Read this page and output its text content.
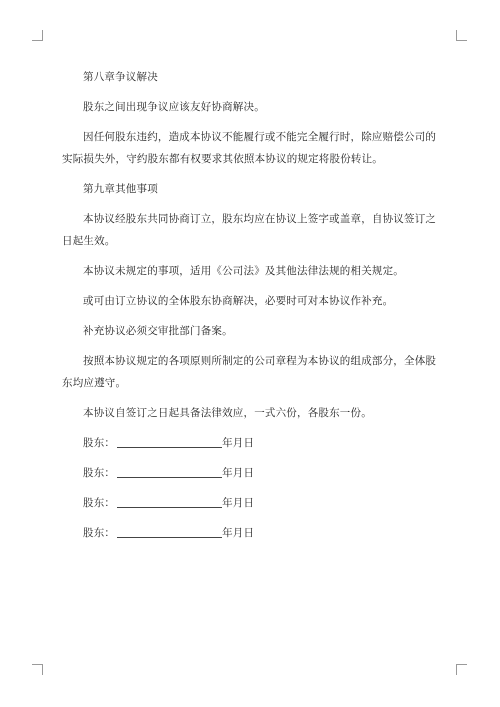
第八章争议解决

股东之间出现争议应该友好协商解决。

因任何股东违约，造成本协议不能履行或不能完全履行时，除应赔偿公司的实际损失外，守约股东都有权要求其依照本协议的规定将股份转让。

第九章其他事项

本协议经股东共同协商订立，股东均应在协议上签字或盖章，自协议签订之日起生效。

本协议未规定的事项，适用《公司法》及其他法律法规的相关规定。

或可由订立协议的全体股东协商解决，必要时可对本协议作补充。

补充协议必须交审批部门备案。

按照本协议规定的各项原则所制定的公司章程为本协议的组成部分，全体股东均应遵守。

本协议自签订之日起具备法律效应，一式六份，各股东一份。

股东：	年月日

股东：	年月日

股东：	年月日

股东：	年月日
